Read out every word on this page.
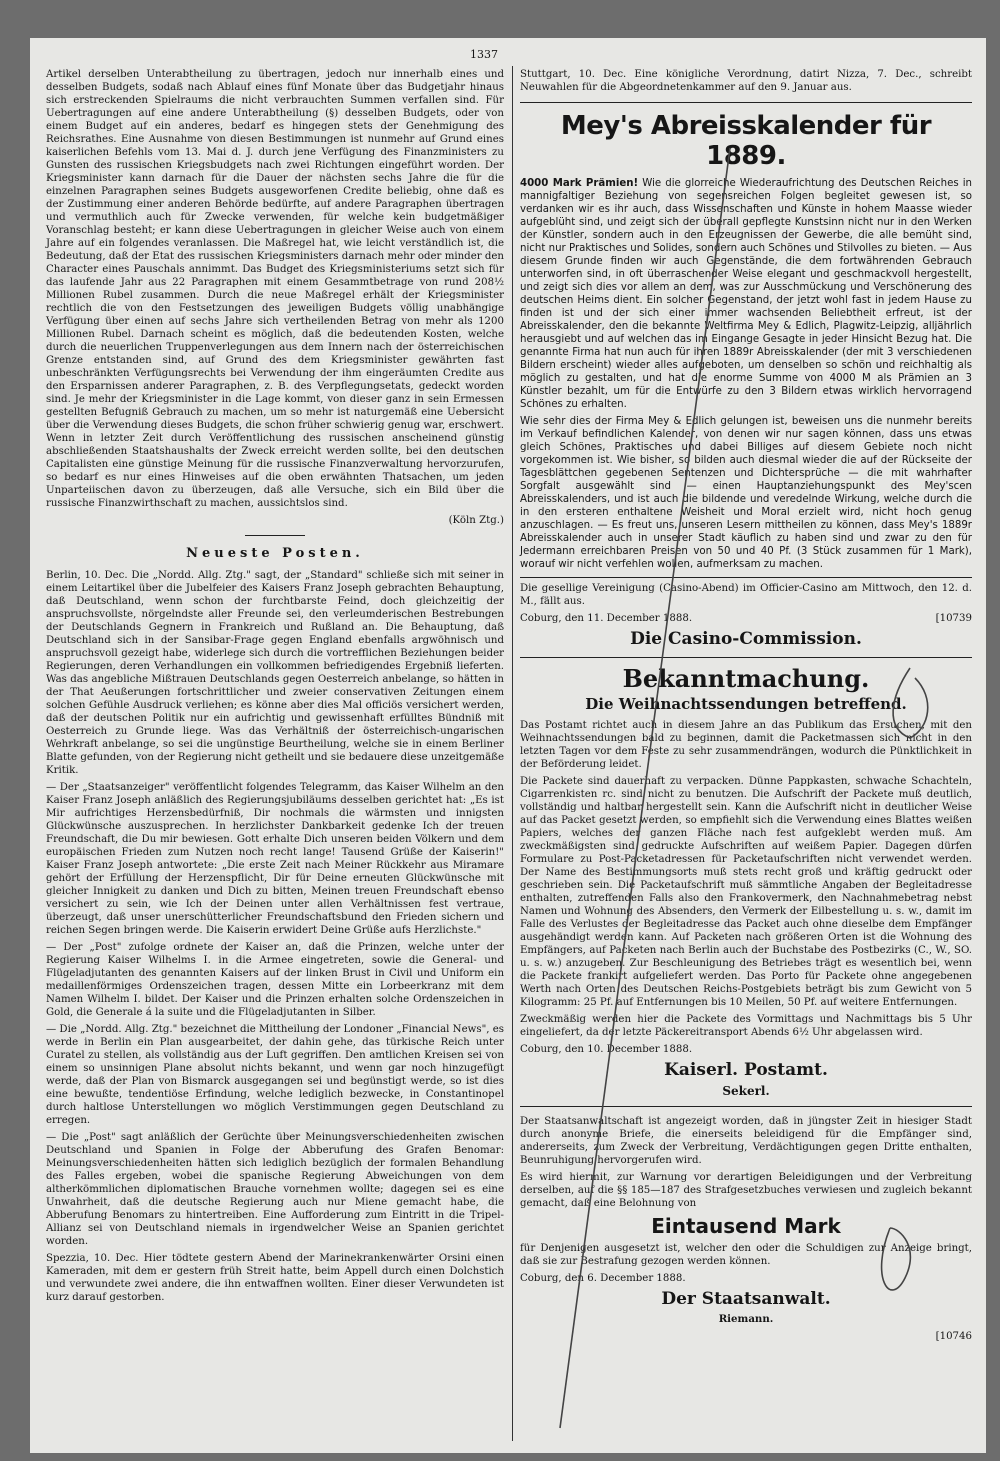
1337

Artikel derselben Unterabtheilung zu übertragen, jedoch nur innerhalb eines und desselben Budgets, sodaß nach Ablauf eines fünf Monate über das Budgetjahr hinaus sich erstreckenden Spielraums die nicht verbrauchten Summen verfallen sind. Für Uebertragungen auf eine andere Unterabtheilung (§) desselben Budgets, oder von einem Budget auf ein anderes, bedarf es hingegen stets der Genehmigung des Reichsrathes. Eine Ausnahme von diesen Bestimmungen ist nunmehr auf Grund eines kaiserlichen Befehls vom 13. Mai d. J. durch jene Verfügung des Finanzministers zu Gunsten des russischen Kriegsbudgets nach zwei Richtungen eingeführt worden. Der Kriegsminister kann darnach für die Dauer der nächsten sechs Jahre die für die einzelnen Paragraphen seines Budgets ausgeworfenen Credite beliebig, ohne daß es der Zustimmung einer anderen Behörde bedürfte, auf andere Paragraphen übertragen und vermuthlich auch für Zwecke verwenden, für welche kein budgetmäßiger Voranschlag besteht; er kann diese Uebertragungen in gleicher Weise auch von einem Jahre auf ein folgendes veranlassen. Die Maßregel hat, wie leicht verständlich ist, die Bedeutung, daß der Etat des russischen Kriegsministers darnach mehr oder minder den Character eines Pauschals annimmt. Das Budget des Kriegsministeriums setzt sich für das laufende Jahr aus 22 Paragraphen mit einem Gesammtbetrage von rund 208½ Millionen Rubel zusammen. Durch die neue Maßregel erhält der Kriegsminister rechtlich die von den Festsetzungen des jeweiligen Budgets völlig unabhängige Verfügung über einen auf sechs Jahre sich vertheilenden Betrag von mehr als 1200 Millionen Rubel. Darnach scheint es möglich, daß die bedeutenden Kosten, welche durch die neuerlichen Truppenverlegungen aus dem Innern nach der österreichischen Grenze entstanden sind, auf Grund des dem Kriegsminister gewährten fast unbeschränkten Verfügungsrechts bei Verwendung der ihm eingeräumten Credite aus den Ersparnissen anderer Paragraphen, z. B. des Verpflegungsetats, gedeckt worden sind. Je mehr der Kriegsminister in die Lage kommt, von dieser ganz in sein Ermessen gestellten Befugniß Gebrauch zu machen, um so mehr ist naturgemäß eine Uebersicht über die Verwendung dieses Budgets, die schon früher schwierig genug war, erschwert. Wenn in letzter Zeit durch Veröffentlichung des russischen anscheinend günstig abschließenden Staatshaushalts der Zweck erreicht werden sollte, bei den deutschen Capitalisten eine günstige Meinung für die russische Finanzverwaltung hervorzurufen, so bedarf es nur eines Hinweises auf die oben erwähnten Thatsachen, um jeden Unparteiischen davon zu überzeugen, daß alle Versuche, sich ein Bild über die russische Finanzwirthschaft zu machen, aussichtslos sind.

(Köln Ztg.)

Neueste Posten.

Berlin, 10. Dec. Die „Nordd. Allg. Ztg." sagt, der „Standard" schließe sich mit seiner in einem Leitartikel über die Jubelfeier des Kaisers Franz Joseph gebrachten Behauptung, daß Deutschland, wenn schon der furchtbarste Feind, doch gleichzeitig der anspruchsvollste, nörgelndste aller Freunde sei, den verleumderischen Bestrebungen der Deutschlands Gegnern in Frankreich und Rußland an. Die Behauptung, daß Deutschland sich in der Sansibar-Frage gegen England ebenfalls argwöhnisch und anspruchsvoll gezeigt habe, widerlege sich durch die vortrefflichen Beziehungen beider Regierungen, deren Verhandlungen ein vollkommen befriedigendes Ergebniß lieferten. Was das angebliche Mißtrauen Deutschlands gegen Oesterreich anbelange, so hätten in der That Aeußerungen fortschrittlicher und zweier conservativen Zeitungen einem solchen Gefühle Ausdruck verliehen; es könne aber dies Mal officiös versichert werden, daß der deutschen Politik nur ein aufrichtig und gewissenhaft erfülltes Bündniß mit Oesterreich zu Grunde liege. Was das Verhältniß der österreichisch-ungarischen Wehrkraft anbelange, so sei die ungünstige Beurtheilung, welche sie in einem Berliner Blatte gefunden, von der Regierung nicht getheilt und sie bedauere diese unzeitgemäße Kritik.

— Der „Staatsanzeiger" veröffentlicht folgendes Telegramm, das Kaiser Wilhelm an den Kaiser Franz Joseph anläßlich des Regierungsjubiläums desselben gerichtet hat: „Es ist Mir aufrichtiges Herzensbedürfniß, Dir nochmals die wärmsten und innigsten Glückwünsche auszusprechen. In herzlichster Dankbarkeit gedenke Ich der treuen Freundschaft, die Du mir bewiesen. Gott erhalte Dich unseren beiden Völkern und dem europäischen Frieden zum Nutzen noch recht lange! Tausend Grüße der Kaiserin!" Kaiser Franz Joseph antwortete: „Die erste Zeit nach Meiner Rückkehr aus Miramare gehört der Erfüllung der Herzenspflicht, Dir für Deine erneuten Glückwünsche mit gleicher Innigkeit zu danken und Dich zu bitten, Meinen treuen Freundschaft ebenso versichert zu sein, wie Ich der Deinen unter allen Verhältnissen fest vertraue, überzeugt, daß unser unerschütterlicher Freundschaftsbund den Frieden sichern und reichen Segen bringen werde. Die Kaiserin erwidert Deine Grüße aufs Herzlichste."

— Der „Post" zufolge ordnete der Kaiser an, daß die Prinzen, welche unter der Regierung Kaiser Wilhelms I. in die Armee eingetreten, sowie die General- und Flügeladjutanten des genannten Kaisers auf der linken Brust in Civil und Uniform ein medaillenförmiges Ordenszeichen tragen, dessen Mitte ein Lorbeerkranz mit dem Namen Wilhelm I. bildet. Der Kaiser und die Prinzen erhalten solche Ordenszeichen in Gold, die Generale á la suite und die Flügeladjutanten in Silber.

— Die „Nordd. Allg. Ztg." bezeichnet die Mittheilung der Londoner „Financial News", es werde in Berlin ein Plan ausgearbeitet, der dahin gehe, das türkische Reich unter Curatel zu stellen, als vollständig aus der Luft gegriffen. Den amtlichen Kreisen sei von einem so unsinnigen Plane absolut nichts bekannt, und wenn gar noch hinzugefügt werde, daß der Plan von Bismarck ausgegangen sei und begünstigt werde, so ist dies eine bewußte, tendentiöse Erfindung, welche lediglich bezwecke, in Constantinopel durch haltlose Unterstellungen wo möglich Verstimmungen gegen Deutschland zu erregen.

— Die „Post" sagt anläßlich der Gerüchte über Meinungsverschiedenheiten zwischen Deutschland und Spanien in Folge der Abberufung des Grafen Benomar: Meinungsverschiedenheiten hätten sich lediglich bezüglich der formalen Behandlung des Falles ergeben, wobei die spanische Regierung Abweichungen von dem altherkömmlichen diplomatischen Brauche vornehmen wollte; dagegen sei es eine Unwahrheit, daß die deutsche Regierung auch nur Miene gemacht habe, die Abberufung Benomars zu hintertreiben. Eine Aufforderung zum Eintritt in die Tripel-Allianz sei von Deutschland niemals in irgendwelcher Weise an Spanien gerichtet worden.

Spezzia, 10. Dec. Hier tödtete gestern Abend der Marinekrankenwärter Orsini einen Kameraden, mit dem er gestern früh Streit hatte, beim Appell durch einen Dolchstich und verwundete zwei andere, die ihn entwaffnen wollten. Einer dieser Verwundeten ist kurz darauf gestorben.

Stuttgart, 10. Dec. Eine königliche Verordnung, datirt Nizza, 7. Dec., schreibt Neuwahlen für die Abgeordnetenkammer auf den 9. Januar aus.

Mey's Abreisskalender für 1889.

4000 Mark Prämien! Wie die glorreiche Wiederaufrichtung des Deutschen Reiches in mannigfaltiger Beziehung von segensreichen Folgen begleitet gewesen ist, so verdanken wir es ihr auch, dass Wissenschaften und Künste in hohem Maasse wieder aufgeblüht sind, und zeigt sich der überall gepflegte Kunstsinn nicht nur in den Werken der Künstler, sondern auch in den Erzeugnissen der Gewerbe, die alle bemüht sind, nicht nur Praktisches und Solides, sondern auch Schönes und Stilvolles zu bieten. — Aus diesem Grunde finden wir auch Gegenstände, die dem fortwährenden Gebrauch unterworfen sind, in oft überraschender Weise elegant und geschmackvoll hergestellt, und zeigt sich dies vor allem an dem, was zur Ausschmückung und Verschönerung des deutschen Heims dient. Ein solcher Gegenstand, der jetzt wohl fast in jedem Hause zu finden ist und der sich einer immer wachsenden Beliebtheit erfreut, ist der Abreisskalender, den die bekannte Weltfirma Mey & Edlich, Plagwitz-Leipzig, alljährlich herausgiebt und auf welchen das im Eingange Gesagte in jeder Hinsicht Bezug hat. Die genannte Firma hat nun auch für ihren 1889r Abreisskalender (der mit 3 verschiedenen Bildern erscheint) wieder alles aufgeboten, um denselben so schön und reichhaltig als möglich zu gestalten, und hat die enorme Summe von 4000 M als Prämien an 3 Künstler bezahlt, um für die Entwürfe zu den 3 Bildern etwas wirklich hervorragend Schönes zu erhalten.

Wie sehr dies der Firma Mey & Edlich gelungen ist, beweisen uns die nunmehr bereits im Verkauf befindlichen Kalender, von denen wir nur sagen können, dass uns etwas gleich Schönes, Praktisches und dabei Billiges auf diesem Gebiete noch nicht vorgekommen ist. Wie bisher, so bilden auch diesmal wieder die auf der Rückseite der Tagesblättchen gegebenen Sentenzen und Dichtersprüche — die mit wahrhafter Sorgfalt ausgewählt sind — einen Hauptanziehungspunkt des Mey'scen Abreisskalenders, und ist auch die bildende und veredelnde Wirkung, welche durch die in den ersteren enthaltene Weisheit und Moral erzielt wird, nicht hoch genug anzuschlagen. — Es freut uns, unseren Lesern mittheilen zu können, dass Mey's 1889r Abreisskalender auch in unserer Stadt käuflich zu haben sind und zwar zu den für Jedermann erreichbaren Preisen von 50 und 40 Pf. (3 Stück zusammen für 1 Mark), worauf wir nicht verfehlen wollen, aufmerksam zu machen.

Die gesellige Vereinigung (Casino-Abend) im Officier-Casino am Mittwoch, den 12. d. M., fällt aus.

Coburg, den 11. December 1888.	[10739

Die Casino-Commission.
Bekanntmachung.
Die Weihnachtssendungen betreffend.

Das Postamt richtet auch in diesem Jahre an das Publikum das Ersuchen, mit den Weihnachtssendungen bald zu beginnen, damit die Packetmassen sich nicht in den letzten Tagen vor dem Feste zu sehr zusammendrängen, wodurch die Pünktlichkeit in der Beförderung leidet.

Die Packete sind dauerhaft zu verpacken. Dünne Pappkasten, schwache Schachteln, Cigarrenkisten rc. sind nicht zu benutzen. Die Aufschrift der Packete muß deutlich, vollständig und haltbar hergestellt sein. Kann die Aufschrift nicht in deutlicher Weise auf das Packet gesetzt werden, so empfiehlt sich die Verwendung eines Blattes weißen Papiers, welches der ganzen Fläche nach fest aufgeklebt werden muß. Am zweckmäßigsten sind gedruckte Aufschriften auf weißem Papier. Dagegen dürfen Formulare zu Post-Packetadressen für Packetaufschriften nicht verwendet werden. Der Name des Bestimmungsorts muß stets recht groß und kräftig gedruckt oder geschrieben sein. Die Packetaufschrift muß sämmtliche Angaben der Begleitadresse enthalten, zutreffenden Falls also den Frankovermerk, den Nachnahmebetrag nebst Namen und Wohnung des Absenders, den Vermerk der Eilbestellung u. s. w., damit im Falle des Verlustes der Begleitadresse das Packet auch ohne dieselbe dem Empfänger ausgehändigt werden kann. Auf Packeten nach größeren Orten ist die Wohnung des Empfängers, auf Packeten nach Berlin auch der Buchstabe des Postbezirks (C., W., SO. u. s. w.) anzugeben. Zur Beschleunigung des Betriebes trägt es wesentlich bei, wenn die Packete frankirt aufgeliefert werden. Das Porto für Packete ohne angegebenen Werth nach Orten des Deutschen Reichs-Postgebiets beträgt bis zum Gewicht von 5 Kilogramm: 25 Pf. auf Entfernungen bis 10 Meilen, 50 Pf. auf weitere Entfernungen.

Zweckmäßig werden hier die Packete des Vormittags und Nachmittags bis 5 Uhr eingeliefert, da der letzte Päckereitransport Abends 6½ Uhr abgelassen wird.

Coburg, den 10. December 1888.

Kaiserl. Postamt.
Sekerl.

Der Staatsanwaltschaft ist angezeigt worden, daß in jüngster Zeit in hiesiger Stadt durch anonyme Briefe, die einerseits beleidigend für die Empfänger sind, andererseits, zum Zweck der Verbreitung, Verdächtigungen gegen Dritte enthalten, Beunruhigung hervorgerufen wird.

Es wird hiermit, zur Warnung vor derartigen Beleidigungen und der Verbreitung derselben, auf die §§ 185—187 des Strafgesetzbuches verwiesen und zugleich bekannt gemacht, daß eine Belohnung von

Eintausend Mark

für Denjenigen ausgesetzt ist, welcher den oder die Schuldigen zur Anzeige bringt, daß sie zur Bestrafung gezogen werden können.

Coburg, den 6. December 1888.

Der Staatsanwalt.

Riemann.

[10746
